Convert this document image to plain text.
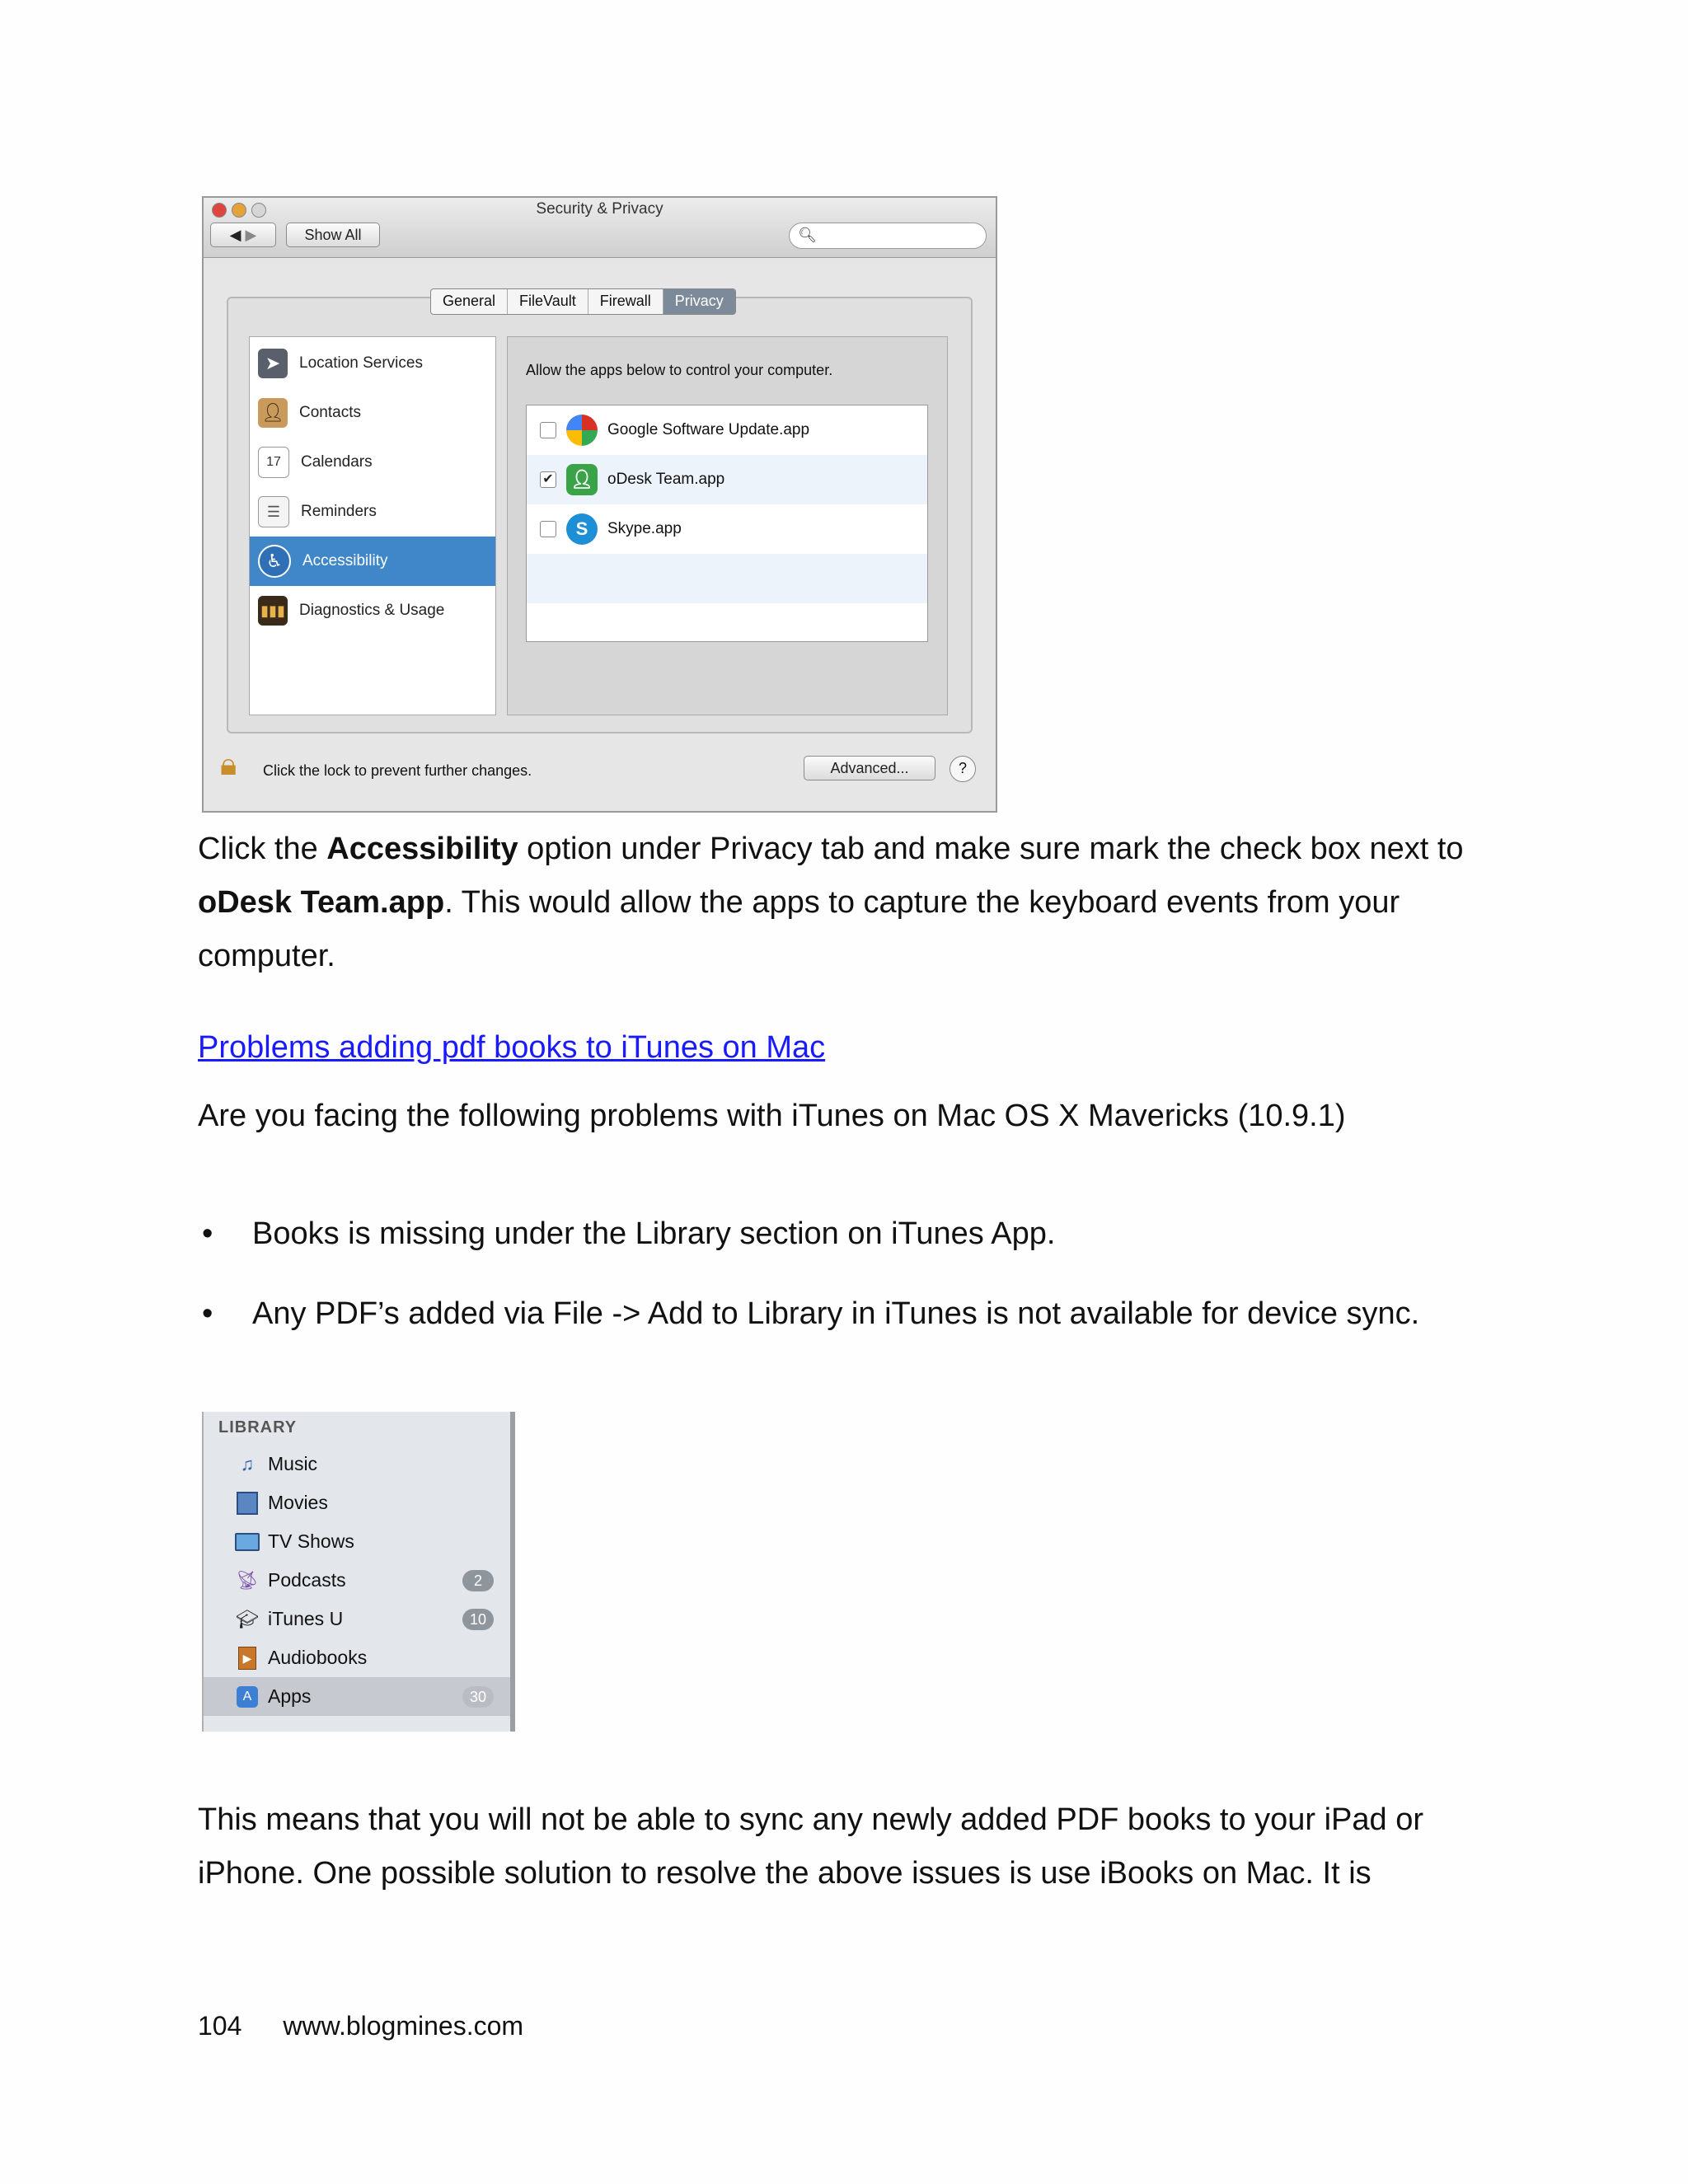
Security & Privacy
◀ ▶	Show All	🔍︎
General	FileVault	Firewall	Privacy
➤	Location Services
👤︎ Contacts
17	Calendars
☰	Reminders
♿︎	Accessibility
▮▮▮ Diagnostics & Usage
Allow the apps below to control your computer.
Google Software Update.app
✔ 👤︎ oDesk Team.app
S	Skype.app
🔒︎ Click the lock to prevent further changes.	Advanced...	?
Click the Accessibility option under Privacy tab and make sure mark the check box next to oDesk Team.app. This would allow the apps to capture the keyboard events from your computer.
Problems adding pdf books to iTunes on Mac
Are you facing the following problems with iTunes on Mac OS X Mavericks (10.9.1)
• Books is missing under the Library section on iTunes App.
• Any PDF’s added via File -> Add to Library in iTunes is not available for device sync.
LIBRARY
♫ Music
Movies
TV Shows
📡︎ Podcasts	2
🎓︎ iTunes U	10
▶ Audiobooks
A Apps	30
This means that you will not be able to sync any newly added PDF books to your iPad or iPhone. One possible solution to resolve the above issues is use iBooks on Mac. It is
104 www.blogmines.com
